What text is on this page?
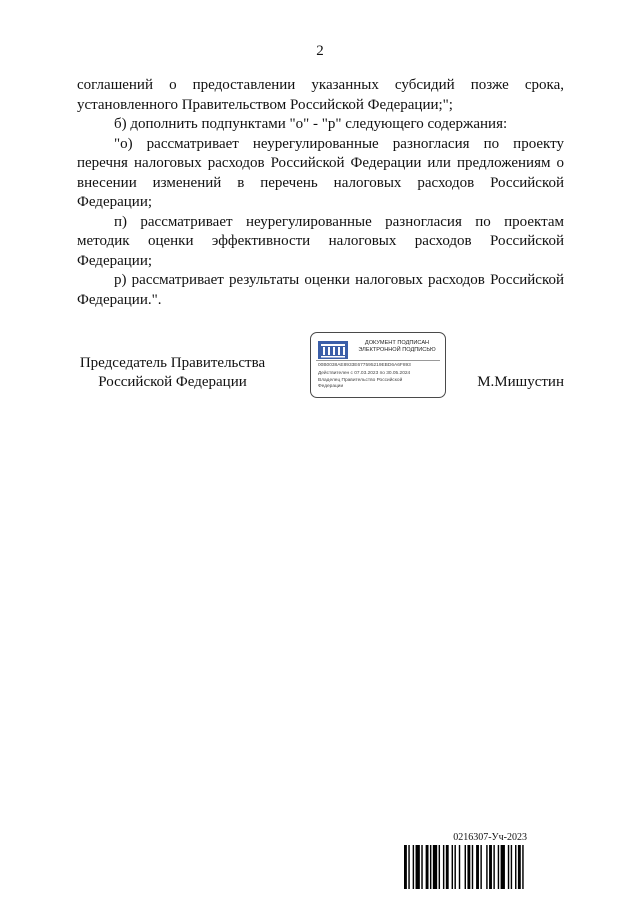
2

соглашений о предоставлении указанных субсидий позже срока, установленного Правительством Российской Федерации;";

б) дополнить подпунктами "о" - "р" следующего содержания:

"о) рассматривает неурегулированные разногласия по проекту перечня налоговых расходов Российской Федерации или предложениям о внесении изменений в перечень налоговых расходов Российской Федерации;

п) рассматривает неурегулированные разногласия по проектам методик оценки эффективности налоговых расходов Российской Федерации;

р) рассматривает результаты оценки налоговых расходов Российской Федерации.".

Председатель Правительства
Российской Федерации
ДОКУМЕНТ ПОДПИСАН
ЭЛЕКТРОННОЙ ПОДПИСЬЮ
00B0038AE8933E677595219EBD6A6F893
Действителен с 07.03.2023 по 30.05.2024
Владелец Правительство Российской Федерации	М.Мишустин
0216307-Уч-2023
